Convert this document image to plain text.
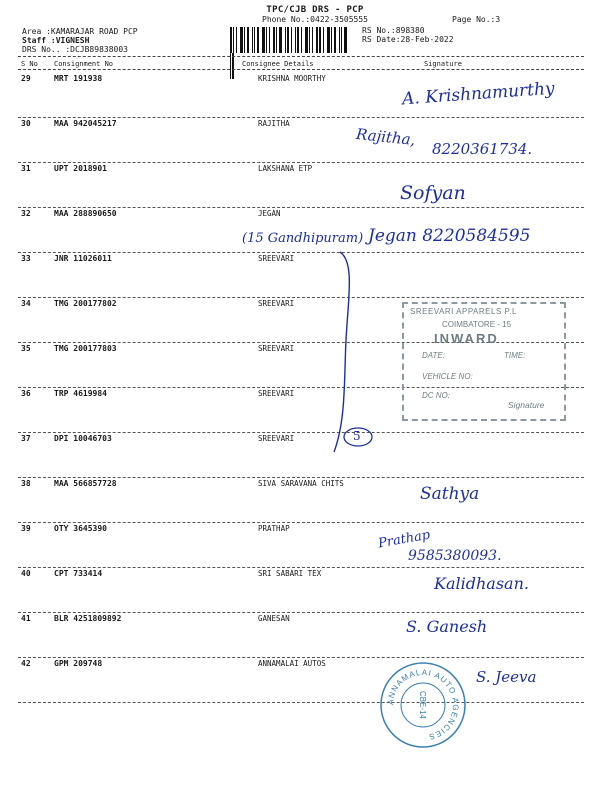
TPC/CJB DRS - PCP
Phone No.:0422-3505555	Page No.:3
Area :KAMARAJAR ROAD PCP
Staff :VIGNESH
DRS No.. :DCJB89838003
RS No.:898380
RS Date:28-Feb-2022
S No Consignment No	Consignee Details	Signature
29	MRT 191938	KRISHNA MOORTHY
30	MAA 942045217	RAJITHA
31	UPT 2018901	LAKSHANA ETP
32	MAA 288890650	JEGAN
33	JNR 11026011	SREEVARI
34	TMG 200177802	SREEVARI
35	TMG 200177803	SREEVARI
36	TRP 4619984	SREEVARI
37	DPI 10046703	SREEVARI
38	MAA 566857728	SIVA SARAVANA CHITS
39	OTY 3645390	PRATHAP
40	CPT 733414	SRI SABARI TEX
41	BLR 4251809892	GANESAN
42	GPM 209748	ANNAMALAI AUTOS
A. Krishnamurthy
Rajitha, 8220361734.
Sofyan
(15 Gandhipuram) Jegan 8220584595
5
Sathya
Prathap
9585380093.
Kalidhasan.
S. Ganesh
S. Jeeva
SREEVARI APPARELS P.L
COIMBATORE - 15
INWARD
DATE:	TIME:
VEHICLE NO:
DC NO:
Signature
ANNAMALAI AUTO AGENCIES
CBE-14
